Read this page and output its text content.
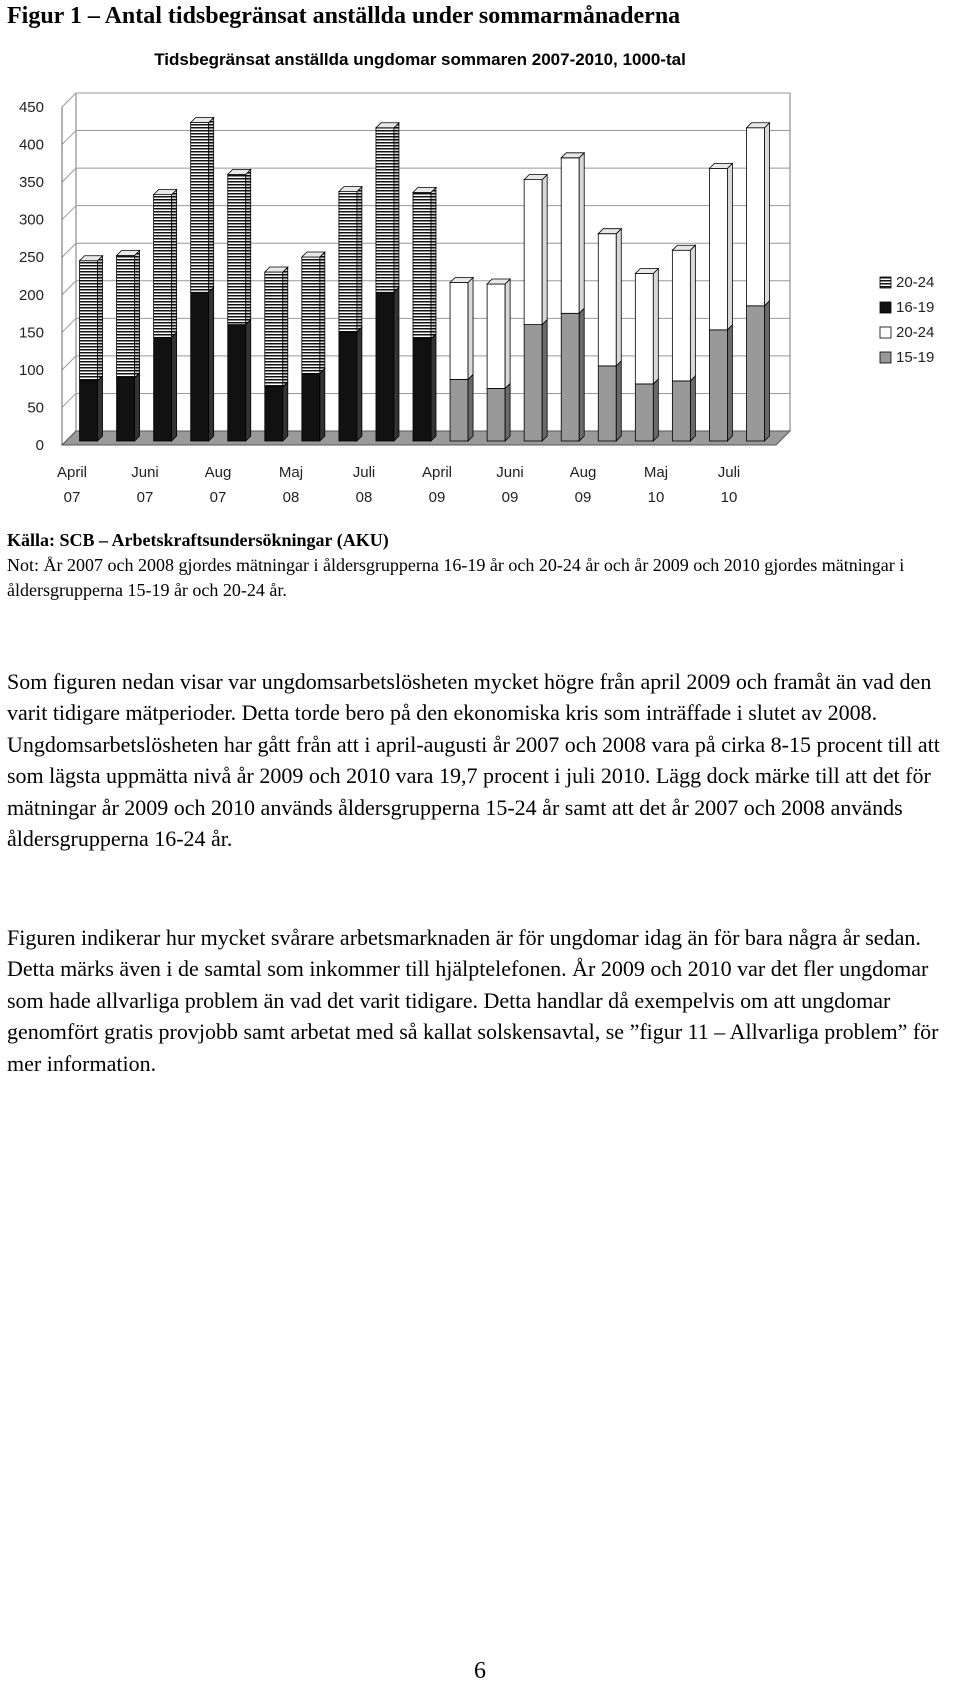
Figur 1 – Antal tidsbegränsat anställda under sommarmånaderna
Tidsbegränsat anställda ungdomar sommaren 2007-2010, 1000-tal
0
50
100
150
200
250
300
350
400
450
April
07
Juni
07
Aug
07
Maj
08
Juli
08
April
09
Juni
09
Aug
09
Maj
10
Juli
10
20-24
16-19
20-24
15-19
Källa: SCB – Arbetskraftsundersökningar (AKU)
Not: År 2007 och 2008 gjordes mätningar i åldersgrupperna 16-19 år och 20-24 år och år 2009 och 2010 gjordes mätningar i åldersgrupperna 15-19 år och 20-24 år.

Som figuren nedan visar var ungdomsarbetslösheten mycket högre från april 2009 och framåt än vad den varit tidigare mätperioder. Detta torde bero på den ekonomiska kris som inträffade i slutet av 2008. Ungdomsarbetslösheten har gått från att i april-augusti år 2007 och 2008 vara på cirka 8-15 procent till att som lägsta uppmätta nivå år 2009 och 2010 vara 19,7 procent i juli 2010. Lägg dock märke till att det för mätningar år 2009 och 2010 används åldersgrupperna 15-24 år samt att det år 2007 och 2008 används åldersgrupperna 16-24 år.

Figuren indikerar hur mycket svårare arbetsmarknaden är för ungdomar idag än för bara några år sedan. Detta märks även i de samtal som inkommer till hjälptelefonen. År 2009 och 2010 var det fler ungdomar som hade allvarliga problem än vad det varit tidigare. Detta handlar då exempelvis om att ungdomar genomfört gratis provjobb samt arbetat med så kallat solskensavtal, se ”figur 11 – Allvarliga problem” för mer information.

6
